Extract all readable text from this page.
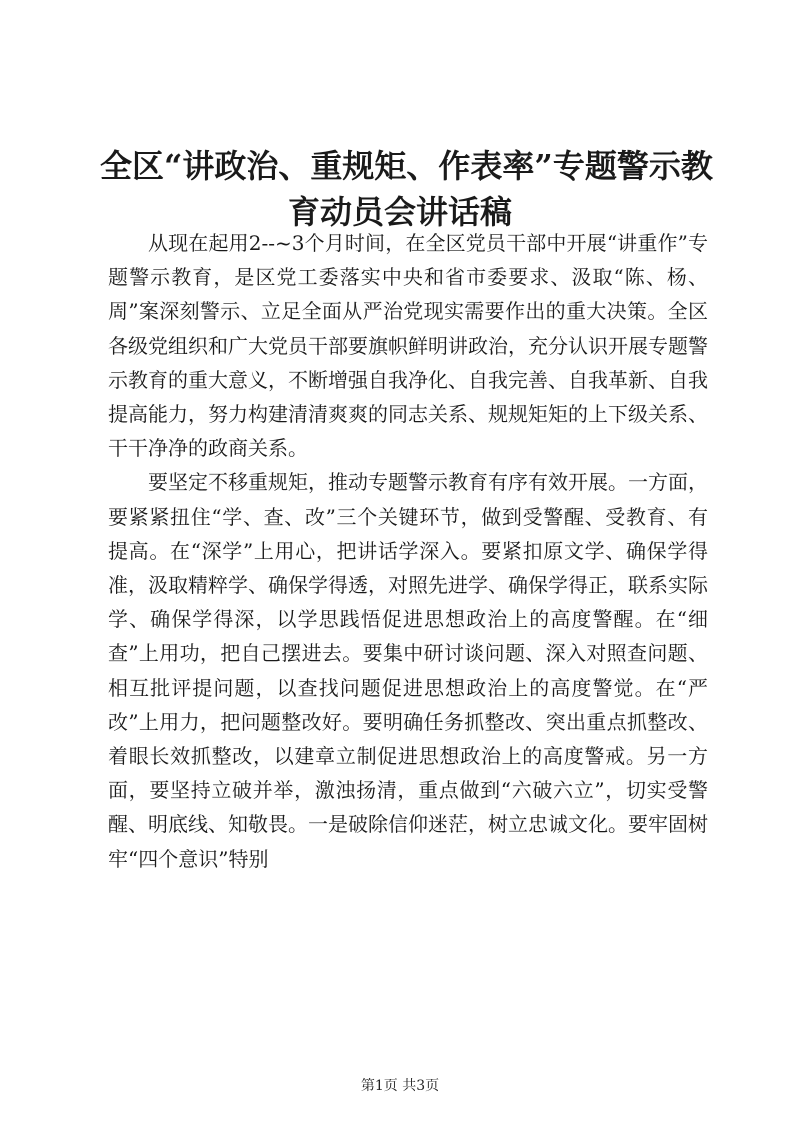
全区“讲政治、重规矩、作表率”专题警示教
育动员会讲话稿

从现在起用2--~3个月时间，在全区党员干部中开展“讲重作”专题警示教育，是区党工委落实中央和省市委要求、汲取“陈、杨、周”案深刻警示、立足全面从严治党现实需要作出的重大决策。全区各级党组织和广大党员干部要旗帜鲜明讲政治，充分认识开展专题警示教育的重大意义，不断增强自我净化、自我完善、自我革新、自我提高能力，努力构建清清爽爽的同志关系、规规矩矩的上下级关系、干干净净的政商关系。

要坚定不移重规矩，推动专题警示教育有序有效开展。一方面，要紧紧扭住“学、查、改”三个关键环节，做到受警醒、受教育、有提高。在“深学”上用心，把讲话学深入。要紧扣原文学、确保学得准，汲取精粹学、确保学得透，对照先进学、确保学得正，联系实际学、确保学得深，以学思践悟促进思想政治上的高度警醒。在“细查”上用功，把自己摆进去。要集中研讨谈问题、深入对照查问题、相互批评提问题，以查找问题促进思想政治上的高度警觉。在“严改”上用力，把问题整改好。要明确任务抓整改、突出重点抓整改、着眼长效抓整改，以建章立制促进思想政治上的高度警戒。另一方面，要坚持立破并举，激浊扬清，重点做到“六破六立”，切实受警醒、明底线、知敬畏。一是破除信仰迷茫，树立忠诚文化。要牢固树牢“四个意识”特别

第1页 共3页
